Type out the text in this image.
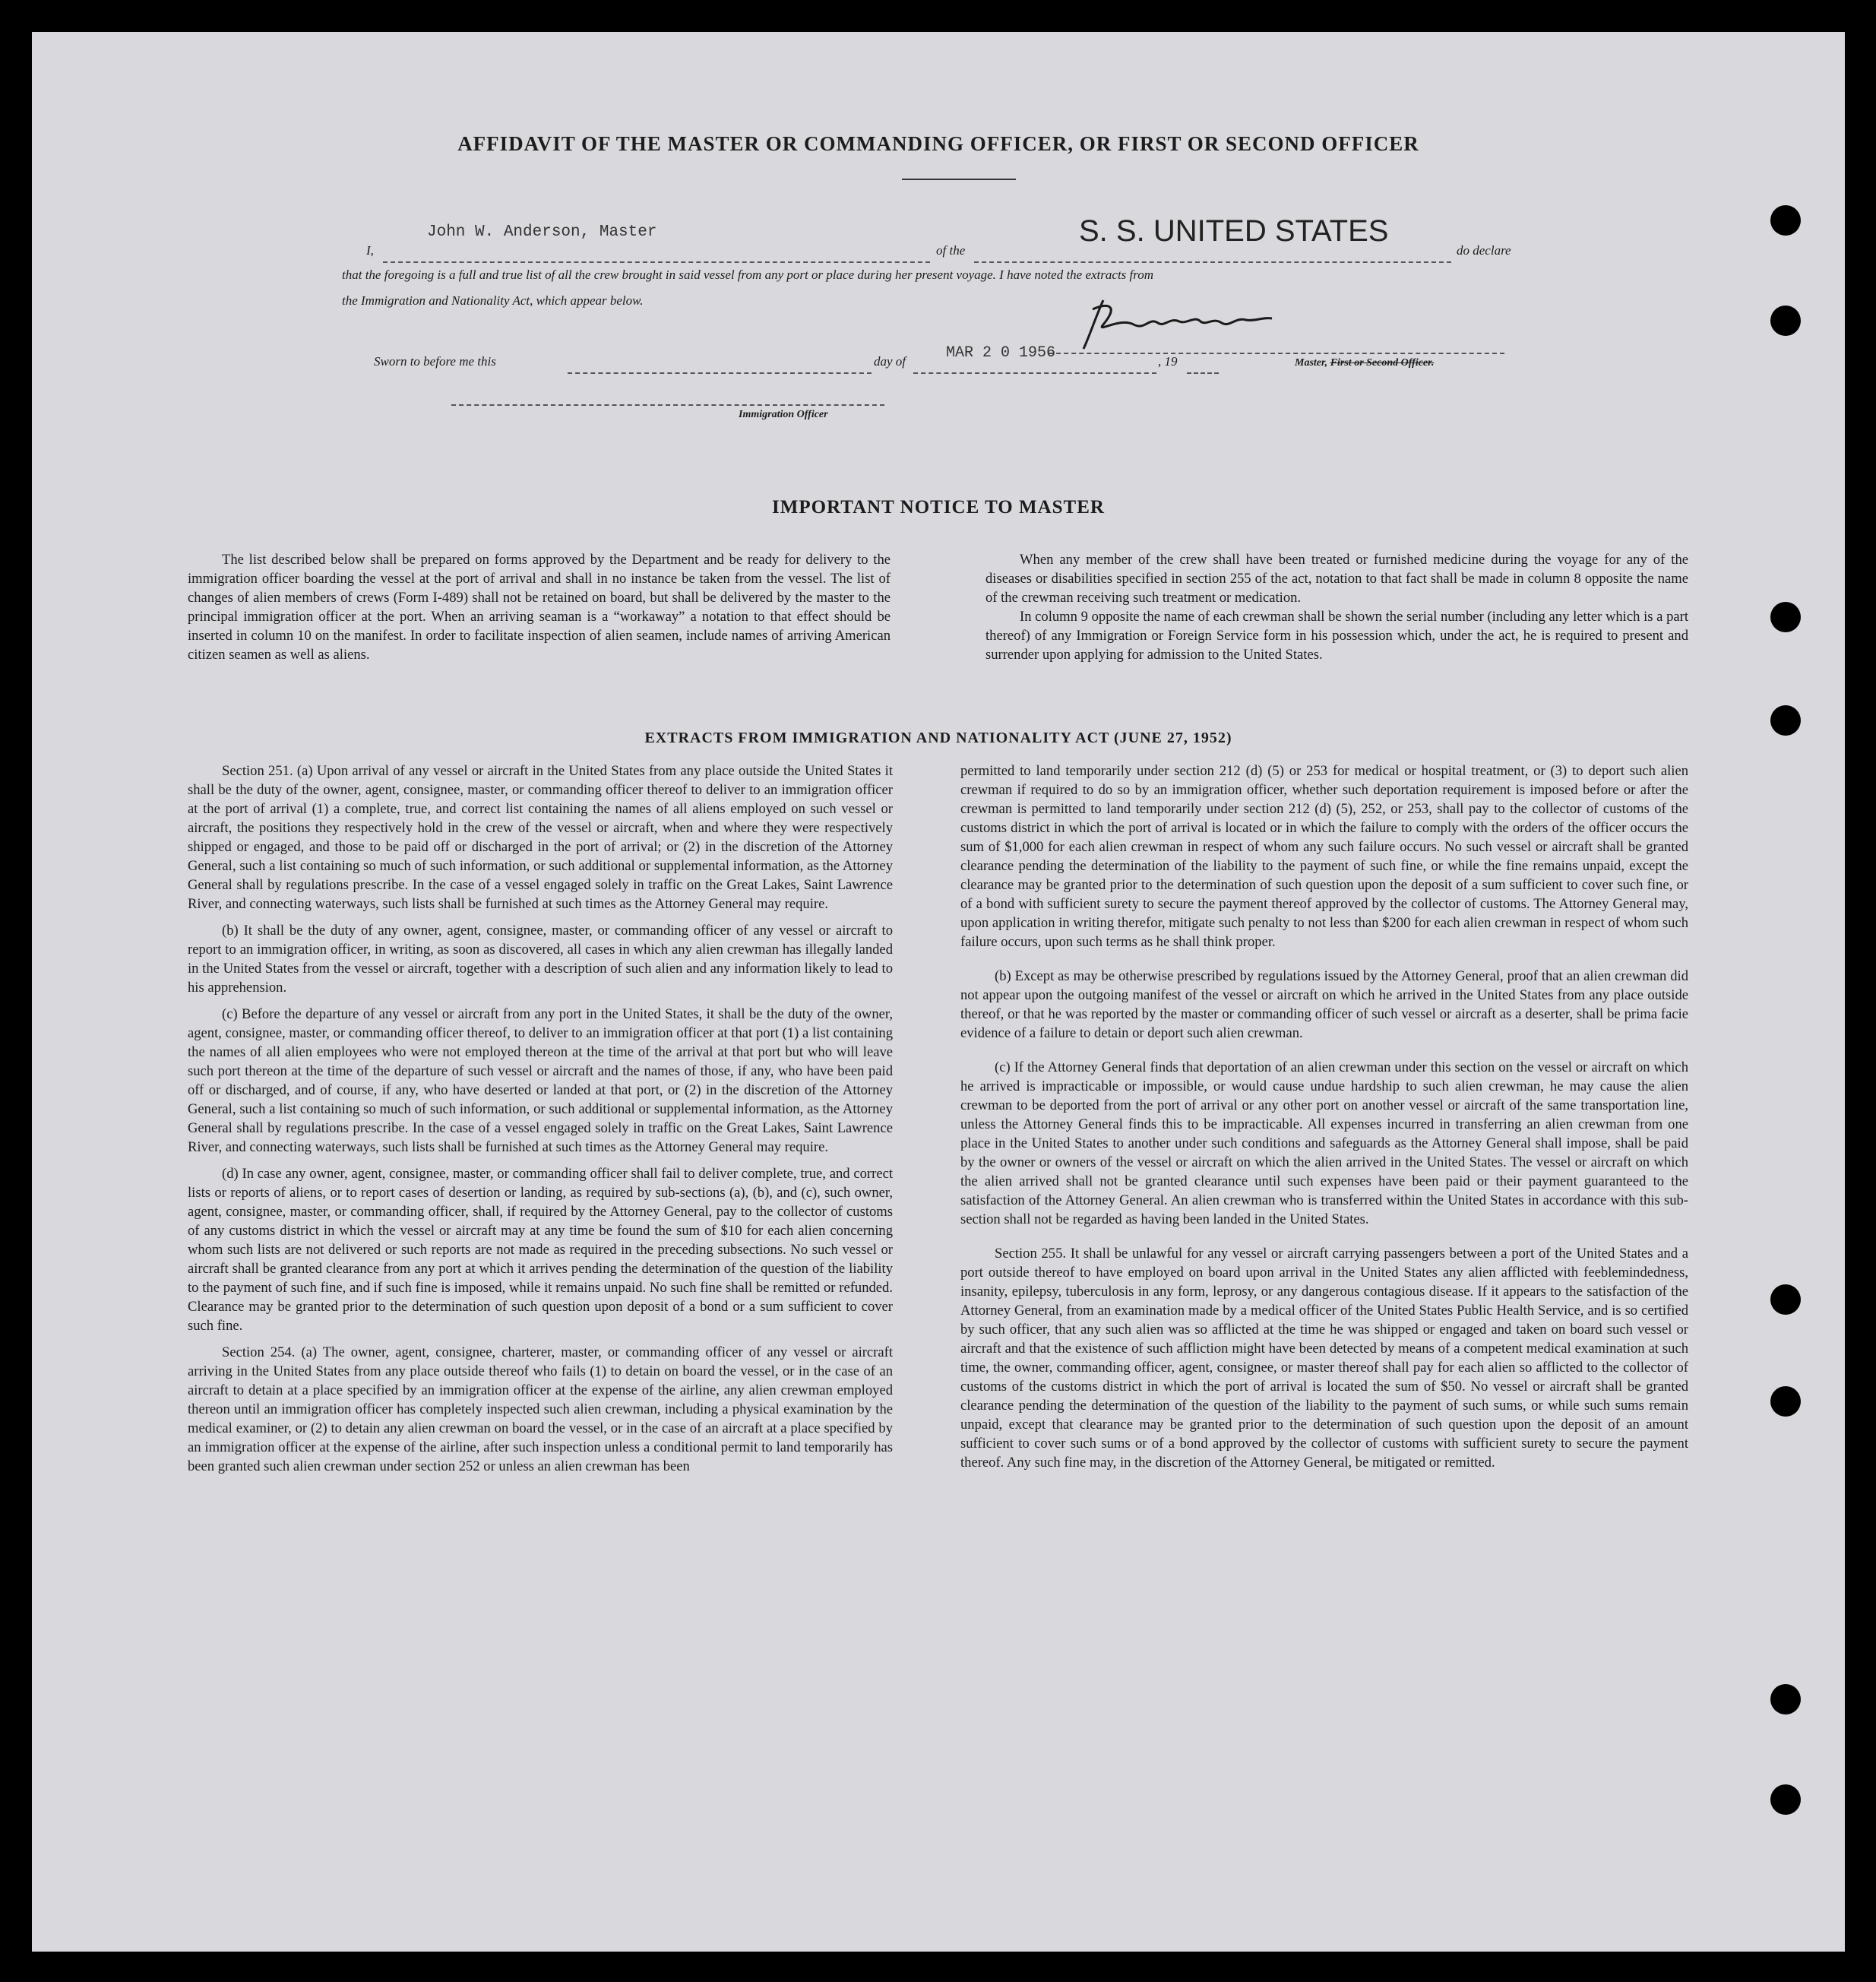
AFFIDAVIT OF THE MASTER OR COMMANDING OFFICER, OR FIRST OR SECOND OFFICER
I,
John W. Anderson, Master
of the
S. S. UNITED STATES
do declare
that the foregoing is a full and true list of all the crew brought in said vessel from any port or place during her present voyage. I have noted the extracts from
the Immigration and Nationality Act, which appear below.
Master, First or Second Officer.
Sworn to before me this	day of	MAR 2 0 1956	, 19
Immigration Officer
IMPORTANT NOTICE TO MASTER

The list described below shall be prepared on forms approved by the Department and be ready for delivery to the immigration officer boarding the vessel at the port of arrival and shall in no instance be taken from the vessel. The list of changes of alien members of crews (Form I-489) shall not be retained on board, but shall be delivered by the master to the principal immigration officer at the port. When an arriving seaman is a “workaway” a notation to that effect should be inserted in column 10 on the manifest. In order to facilitate inspection of alien seamen, include names of arriving American citizen seamen as well as aliens.

When any member of the crew shall have been treated or furnished medicine during the voyage for any of the diseases or disabilities specified in section 255 of the act, notation to that fact shall be made in column 8 opposite the name of the crewman receiving such treatment or medication.

In column 9 opposite the name of each crewman shall be shown the serial number (including any letter which is a part thereof) of any Immigration or Foreign Service form in his possession which, under the act, he is required to present and surrender upon applying for admission to the United States.

EXTRACTS FROM IMMIGRATION AND NATIONALITY ACT (JUNE 27, 1952)

Section 251. (a) Upon arrival of any vessel or aircraft in the United States from any place outside the United States it shall be the duty of the owner, agent, consignee, master, or commanding officer thereof to deliver to an immigration officer at the port of arrival (1) a complete, true, and correct list containing the names of all aliens employed on such vessel or aircraft, the positions they respectively hold in the crew of the vessel or aircraft, when and where they were respectively shipped or engaged, and those to be paid off or discharged in the port of arrival; or (2) in the discretion of the Attorney General, such a list containing so much of such information, or such additional or supplemental information, as the Attorney General shall by regulations prescribe. In the case of a vessel engaged solely in traffic on the Great Lakes, Saint Lawrence River, and connecting waterways, such lists shall be furnished at such times as the Attorney General may require.

(b) It shall be the duty of any owner, agent, consignee, master, or commanding officer of any vessel or aircraft to report to an immigration officer, in writing, as soon as discovered, all cases in which any alien crewman has illegally landed in the United States from the vessel or aircraft, together with a description of such alien and any information likely to lead to his apprehension.

(c) Before the departure of any vessel or aircraft from any port in the United States, it shall be the duty of the owner, agent, consignee, master, or commanding officer thereof, to deliver to an immigration officer at that port (1) a list containing the names of all alien employees who were not employed thereon at the time of the arrival at that port but who will leave such port thereon at the time of the departure of such vessel or aircraft and the names of those, if any, who have been paid off or discharged, and of course, if any, who have deserted or landed at that port, or (2) in the discretion of the Attorney General, such a list containing so much of such information, or such additional or supplemental information, as the Attorney General shall by regulations prescribe. In the case of a vessel engaged solely in traffic on the Great Lakes, Saint Lawrence River, and connecting waterways, such lists shall be furnished at such times as the Attorney General may require.

(d) In case any owner, agent, consignee, master, or commanding officer shall fail to deliver complete, true, and correct lists or reports of aliens, or to report cases of desertion or landing, as required by sub-sections (a), (b), and (c), such owner, agent, consignee, master, or commanding officer, shall, if required by the Attorney General, pay to the collector of customs of any customs district in which the vessel or aircraft may at any time be found the sum of $10 for each alien concerning whom such lists are not delivered or such reports are not made as required in the preceding subsections. No such vessel or aircraft shall be granted clearance from any port at which it arrives pending the determination of the question of the liability to the payment of such fine, and if such fine is imposed, while it remains unpaid. No such fine shall be remitted or refunded. Clearance may be granted prior to the determination of such question upon deposit of a bond or a sum sufficient to cover such fine.

Section 254. (a) The owner, agent, consignee, charterer, master, or commanding officer of any vessel or aircraft arriving in the United States from any place outside thereof who fails (1) to detain on board the vessel, or in the case of an aircraft to detain at a place specified by an immigration officer at the expense of the airline, any alien crewman employed thereon until an immigration officer has completely inspected such alien crewman, including a physical examination by the medical examiner, or (2) to detain any alien crewman on board the vessel, or in the case of an aircraft at a place specified by an immigration officer at the expense of the airline, after such inspection unless a conditional permit to land temporarily has been granted such alien crewman under section 252 or unless an alien crewman has been

permitted to land temporarily under section 212 (d) (5) or 253 for medical or hospital treatment, or (3) to deport such alien crewman if required to do so by an immigration officer, whether such deportation requirement is imposed before or after the crewman is permitted to land temporarily under section 212 (d) (5), 252, or 253, shall pay to the collector of customs of the customs district in which the port of arrival is located or in which the failure to comply with the orders of the officer occurs the sum of $1,000 for each alien crewman in respect of whom any such failure occurs. No such vessel or aircraft shall be granted clearance pending the determination of the liability to the payment of such fine, or while the fine remains unpaid, except the clearance may be granted prior to the determination of such question upon the deposit of a sum sufficient to cover such fine, or of a bond with sufficient surety to secure the payment thereof approved by the collector of customs. The Attorney General may, upon application in writing therefor, mitigate such penalty to not less than $200 for each alien crewman in respect of whom such failure occurs, upon such terms as he shall think proper.

(b) Except as may be otherwise prescribed by regulations issued by the Attorney General, proof that an alien crewman did not appear upon the outgoing manifest of the vessel or aircraft on which he arrived in the United States from any place outside thereof, or that he was reported by the master or commanding officer of such vessel or aircraft as a deserter, shall be prima facie evidence of a failure to detain or deport such alien crewman.

(c) If the Attorney General finds that deportation of an alien crewman under this section on the vessel or aircraft on which he arrived is impracticable or impossible, or would cause undue hardship to such alien crewman, he may cause the alien crewman to be deported from the port of arrival or any other port on another vessel or aircraft of the same transportation line, unless the Attorney General finds this to be impracticable. All expenses incurred in transferring an alien crewman from one place in the United States to another under such conditions and safeguards as the Attorney General shall impose, shall be paid by the owner or owners of the vessel or aircraft on which the alien arrived in the United States. The vessel or aircraft on which the alien arrived shall not be granted clearance until such expenses have been paid or their payment guaranteed to the satisfaction of the Attorney General. An alien crewman who is transferred within the United States in accordance with this sub-section shall not be regarded as having been landed in the United States.

Section 255. It shall be unlawful for any vessel or aircraft carrying passengers between a port of the United States and a port outside thereof to have employed on board upon arrival in the United States any alien afflicted with feeblemindedness, insanity, epilepsy, tuberculosis in any form, leprosy, or any dangerous contagious disease. If it appears to the satisfaction of the Attorney General, from an examination made by a medical officer of the United States Public Health Service, and is so certified by such officer, that any such alien was so afflicted at the time he was shipped or engaged and taken on board such vessel or aircraft and that the existence of such affliction might have been detected by means of a competent medical examination at such time, the owner, commanding officer, agent, consignee, or master thereof shall pay for each alien so afflicted to the collector of customs of the customs district in which the port of arrival is located the sum of $50. No vessel or aircraft shall be granted clearance pending the determination of the question of the liability to the payment of such sums, or while such sums remain unpaid, except that clearance may be granted prior to the determination of such question upon the deposit of an amount sufficient to cover such sums or of a bond approved by the collector of customs with sufficient surety to secure the payment thereof. Any such fine may, in the discretion of the Attorney General, be mitigated or remitted.
